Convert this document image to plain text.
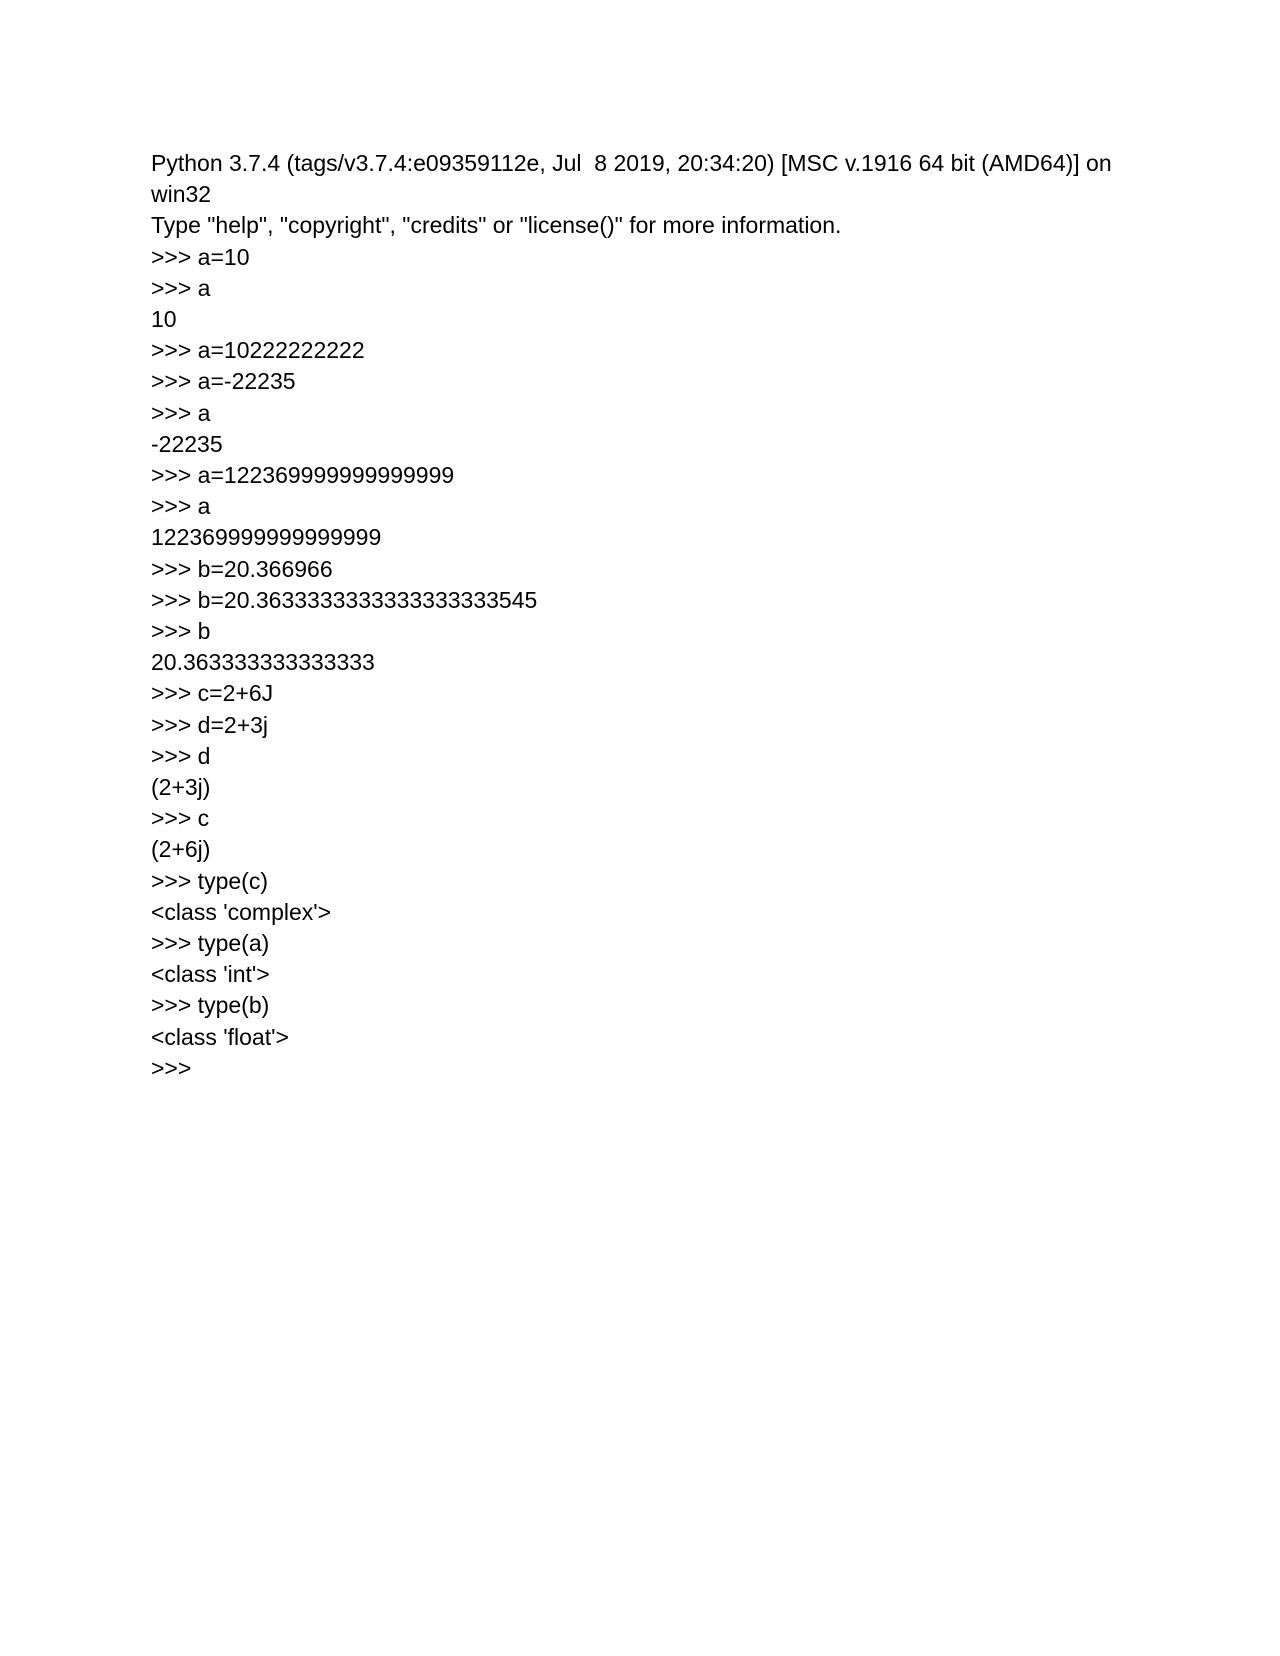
Python 3.7.4 (tags/v3.7.4:e09359112e, Jul  8 2019, 20:34:20) [MSC v.1916 64 bit (AMD64)] on

win32

Type "help", "copyright", "credits" or "license()" for more information.

>>> a=10

>>> a

10

>>> a=10222222222

>>> a=-22235

>>> a

-22235

>>> a=122369999999999999

>>> a

122369999999999999

>>> b=20.366966

>>> b=20.3633333333333333333545

>>> b

20.363333333333333

>>> c=2+6J

>>> d=2+3j

>>> d

(2+3j)

>>> c

(2+6j)

>>> type(c)

<class 'complex'>

>>> type(a)

<class 'int'>

>>> type(b)

<class 'float'>

>>>
